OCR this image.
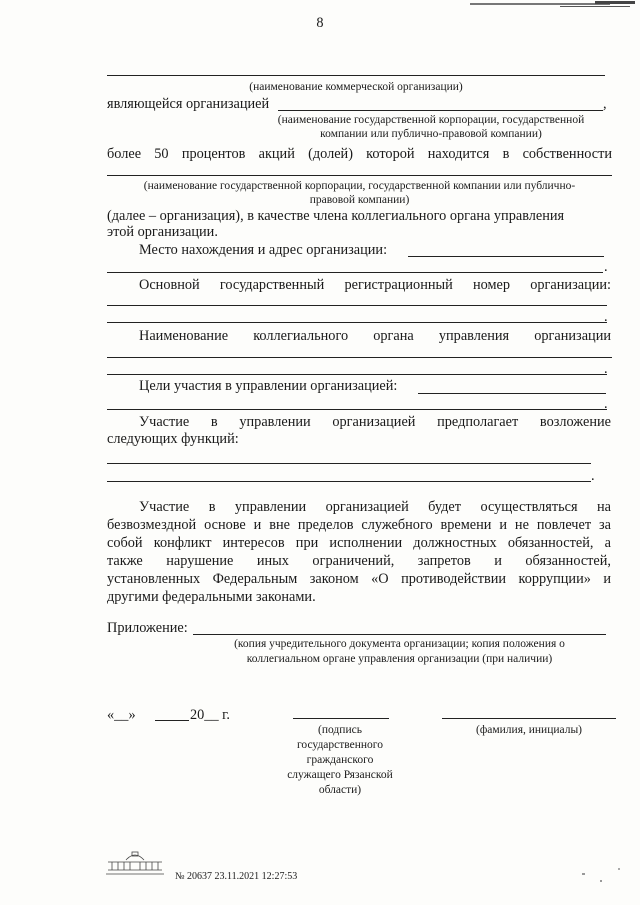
8
(наименование коммерческой организации)
являющейся организацией	,
(наименование государственной корпорации, государственной
компании или публично-правовой компании)
более 50 процентов акций (долей) которой находится в собственности
(наименование государственной корпорации, государственной компании или публично-
правовой компании)
(далее – организация), в качестве члена коллегиального органа управления
этой организации.
Место нахождения и адрес организации:
.
Основной государственный регистрационный номер организации:
.
Наименование коллегиального органа управления организации
.
Цели участия в управлении организацией:
.
Участие в управлении организацией предполагает возложение
следующих функций:
.
Участие в управлении организацией будет осуществляться на
безвозмездной основе и вне пределов служебного времени и не повлечет за
собой конфликт интересов при исполнении должностных обязанностей, а
также нарушение иных ограничений, запретов и обязанностей,
установленных Федеральным законом «О противодействии коррупции» и
другими федеральными законами.
Приложение:
(копия учредительного документа организации; копия положения о
коллегиальном органе управления организации (при наличии)
«__»	20__ г.
(подпись
государственного
гражданского
служащего Рязанской
области)
(фамилия, инициалы)
№ 20637 23.11.2021 12:27:53
